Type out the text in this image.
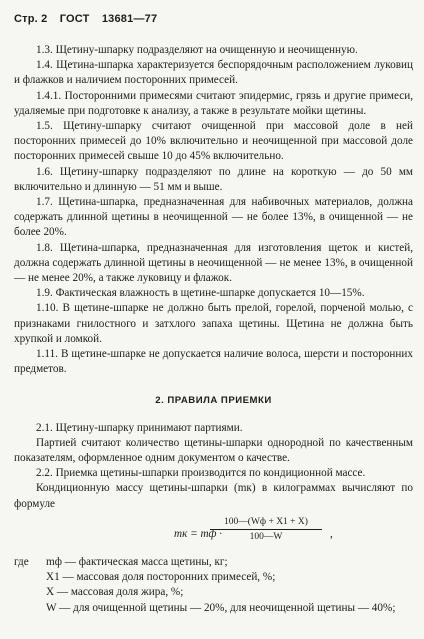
Стр. 2 ГОСТ 13681—77

1.3. Щетину-шпарку подразделяют на очищенную и неочищенную.

1.4. Щетина-шпарка характеризуется беспорядочным расположением луковиц и флажков и наличием посторонних примесей.

1.4.1. Посторонними примесями считают эпидермис, грязь и другие примеси, удаляемые при подготовке к анализу, а также в результате мойки щетины.

1.5. Щетину-шпарку считают очищенной при массовой доле в ней посторонних примесей до 10% включительно и неочищенной при массовой доле посторонних примесей свыше 10 до 45% включительно.

1.6. Щетину-шпарку подразделяют по длине на короткую — до 50 мм включительно и длинную — 51 мм и выше.

1.7. Щетина-шпарка, предназначенная для набивочных материалов, должна содержать длинной щетины в неочищенной — не более 13%, в очищенной — не более 20%.

1.8. Щетина-шпарка, предназначенная для изготовления щеток и кистей, должна содержать длинной щетины в неочищенной — не менее 13%, в очищенной — не менее 20%, а также луковицу и флажок.

1.9. Фактическая влажность в щетине-шпарке допускается 10—15%.

1.10. В щетине-шпарке не должно быть прелой, горелой, порченой молью, с признаками гнилостного и затхлого запаха щетины. Щетина не должна быть хрупкой и ломкой.

1.11. В щетине-шпарке не допускается наличие волоса, шерсти и посторонних предметов.

2. ПРАВИЛА ПРИЕМКИ

2.1. Щетину-шпарку принимают партиями.

Партией считают количество щетины-шпарки однородной по качественным показателям, оформленное одним документом о качестве.

2.2. Приемка щетины-шпарки производится по кондиционной массе.

Кондиционную массу щетины-шпарки (mк) в килограммах вычисляют по формуле

mк = mф ·
100—(Wф + X1 + X)
100—W	,

где mф — фактическая масса щетины, кг;

X1 — массовая доля посторонних примесей, %;

X — массовая доля жира, %;

W — для очищенной щетины — 20%, для неочищенной щетины — 40%;
